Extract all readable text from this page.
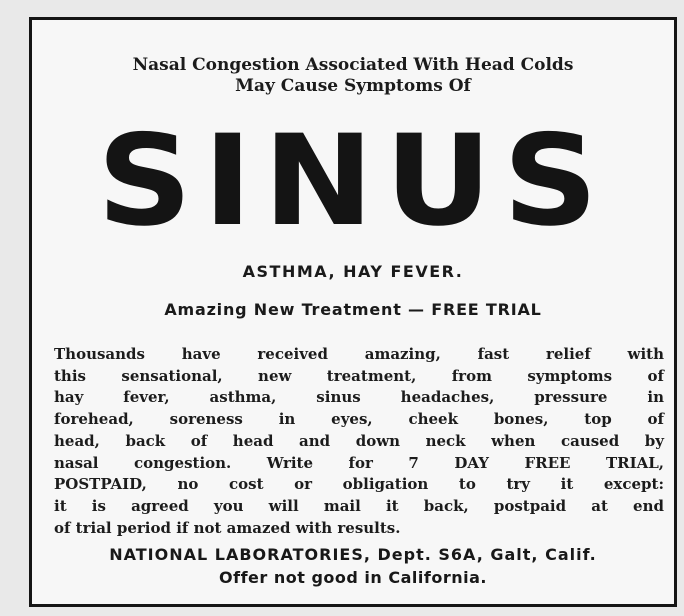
Nasal Congestion Associated With Head Colds
May Cause Symptoms Of
SINUS
ASTHMA, HAY FEVER.
Amazing New Treatment — FREE TRIAL
Thousands have received amazing, fast relief with
this sensational, new treatment, from symptoms of
hay fever, asthma, sinus headaches, pressure in
forehead, soreness in eyes, cheek bones, top of
head, back of head and down neck when caused by
nasal congestion. Write for 7 DAY FREE TRIAL,
POSTPAID, no cost or obligation to try it except:
it is agreed you will mail it back, postpaid at end
of trial period if not amazed with results.
NATIONAL LABORATORIES, Dept. S6A, Galt, Calif.
Offer not good in California.
